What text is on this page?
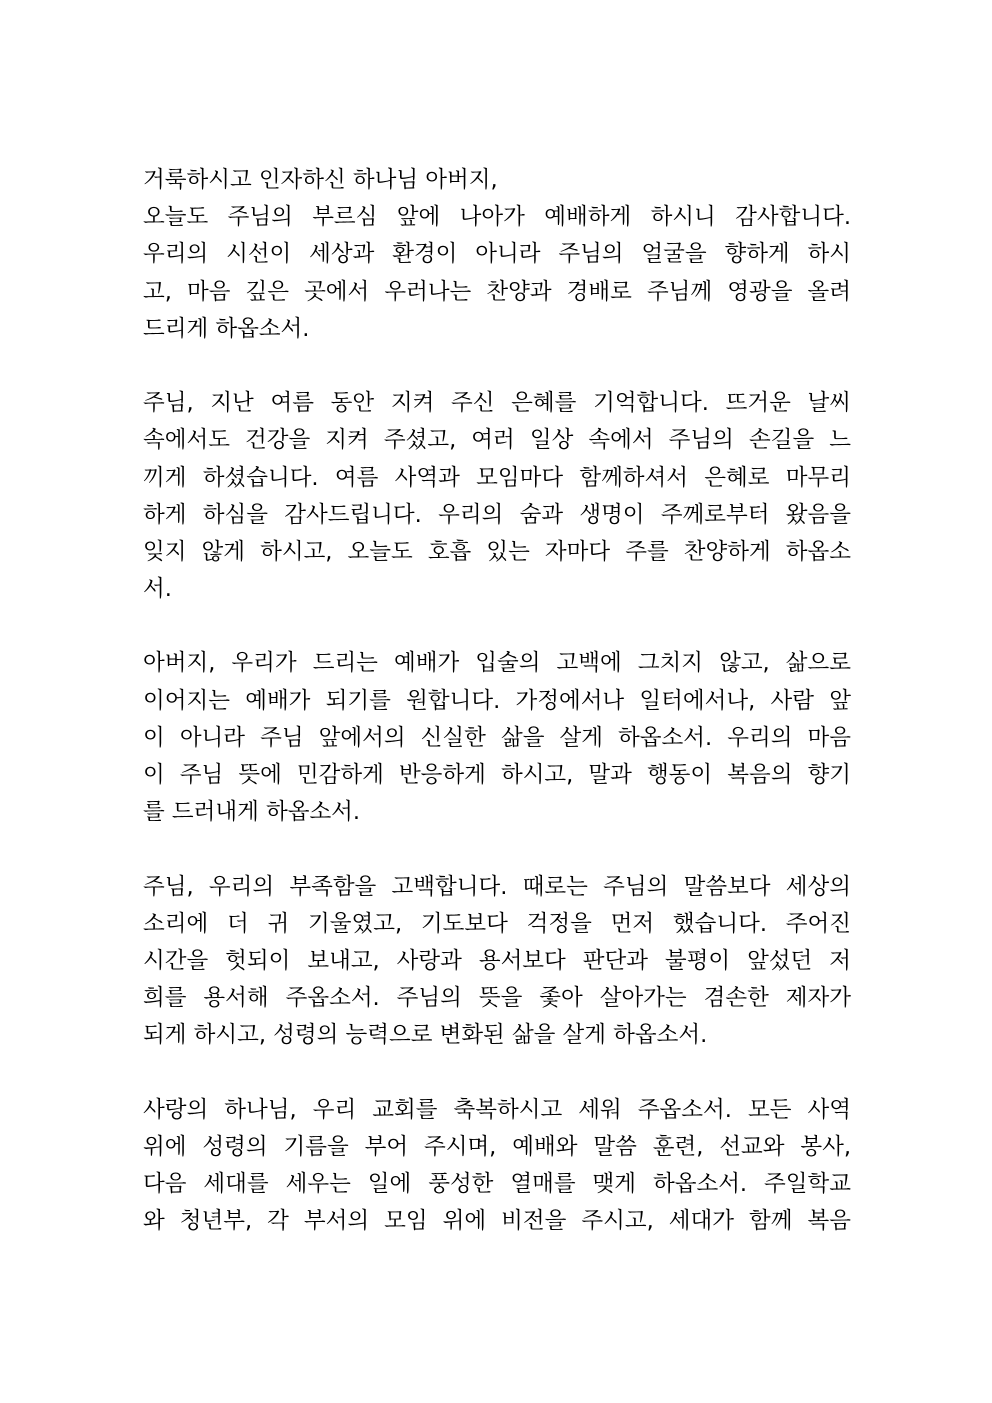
거룩하시고 인자하신 하나님 아버지,
오늘도 주님의 부르심 앞에 나아가 예배하게 하시니 감사합니다.
우리의 시선이 세상과 환경이 아니라 주님의 얼굴을 향하게 하시
고, 마음 깊은 곳에서 우러나는 찬양과 경배로 주님께 영광을 올려
드리게 하옵소서.
주님, 지난 여름 동안 지켜 주신 은혜를 기억합니다. 뜨거운 날씨
속에서도 건강을 지켜 주셨고, 여러 일상 속에서 주님의 손길을 느
끼게 하셨습니다. 여름 사역과 모임마다 함께하셔서 은혜로 마무리
하게 하심을 감사드립니다. 우리의 숨과 생명이 주께로부터 왔음을
잊지 않게 하시고, 오늘도 호흡 있는 자마다 주를 찬양하게 하옵소
서.
아버지, 우리가 드리는 예배가 입술의 고백에 그치지 않고, 삶으로
이어지는 예배가 되기를 원합니다. 가정에서나 일터에서나, 사람 앞
이 아니라 주님 앞에서의 신실한 삶을 살게 하옵소서. 우리의 마음
이 주님 뜻에 민감하게 반응하게 하시고, 말과 행동이 복음의 향기
를 드러내게 하옵소서.
주님, 우리의 부족함을 고백합니다. 때로는 주님의 말씀보다 세상의
소리에 더 귀 기울였고, 기도보다 걱정을 먼저 했습니다. 주어진
시간을 헛되이 보내고, 사랑과 용서보다 판단과 불평이 앞섰던 저
희를 용서해 주옵소서. 주님의 뜻을 좇아 살아가는 겸손한 제자가
되게 하시고, 성령의 능력으로 변화된 삶을 살게 하옵소서.
사랑의 하나님, 우리 교회를 축복하시고 세워 주옵소서. 모든 사역
위에 성령의 기름을 부어 주시며, 예배와 말씀 훈련, 선교와 봉사,
다음 세대를 세우는 일에 풍성한 열매를 맺게 하옵소서. 주일학교
와 청년부, 각 부서의 모임 위에 비전을 주시고, 세대가 함께 복음
